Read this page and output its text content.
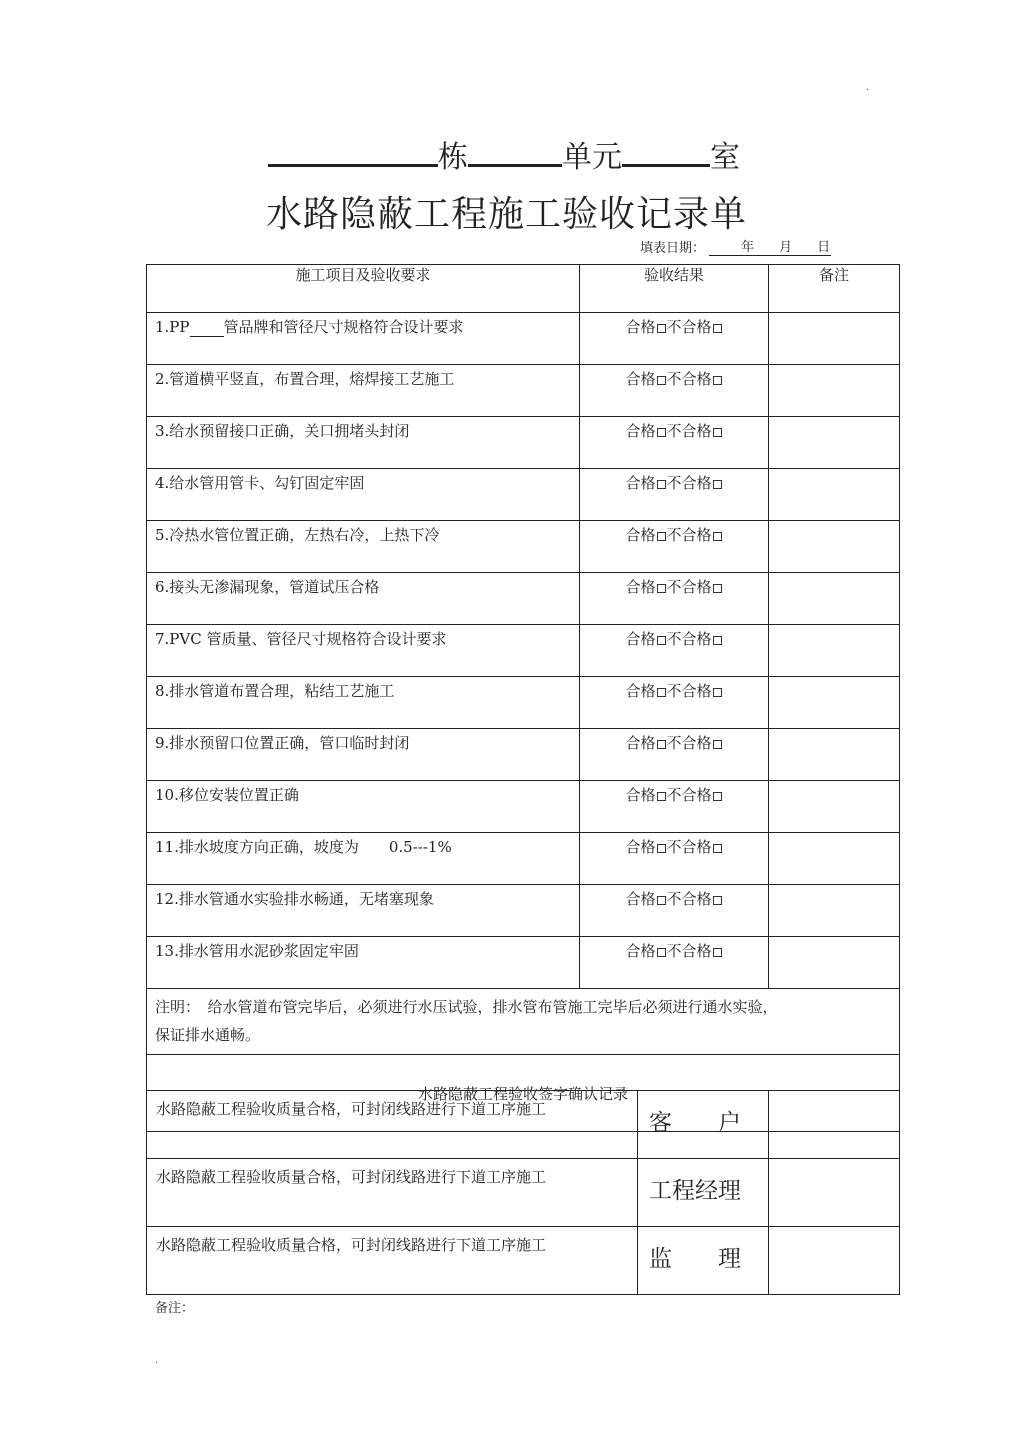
.
.
栋	单元	室
水路隐蔽工程施工验收记录单
填表日期：	年 月 日
施工项目及验收要求	验收结果	备注

1.PP 管品牌和管径尺寸规格符合设计要求	合格 不合格	
2.管道横平竖直，布置合理，熔焊接工艺施工	合格 不合格	
3.给水预留接口正确，关口拥堵头封闭	合格 不合格	
4.给水管用管卡、勾钉固定牢固	合格 不合格	
5.冷热水管位置正确，左热右冷，上热下冷	合格 不合格	
6.接头无渗漏现象，管道试压合格	合格 不合格	
7.PVC 管质量、管径尺寸规格符合设计要求	合格 不合格	
8.排水管道布置合理，粘结工艺施工	合格 不合格	
9.排水预留口位置正确，管口临时封闭	合格 不合格	
10.移位安装位置正确	合格 不合格	
11.排水坡度方向正确，坡度为　　0.5---1%	合格 不合格	
12.排水管通水实验排水畅通，无堵塞现象	合格 不合格	
13.排水管用水泥砂浆固定牢固	合格 不合格	

注明：　给水管道布管完毕后，必须进行水压试验，排水管布管施工完毕后必须进行通水实验，
保证排水通畅。		

水路隐蔽工程验收签字确认记录		
水路隐蔽工程验收质量合格，可封闭线路进行下道工序施工	客　　户	

水路隐蔽工程验收质量合格，可封闭线路进行下道工序施工	工程经理	

水路隐蔽工程验收质量合格，可封闭线路进行下道工序施工	监　　理	

备注：
